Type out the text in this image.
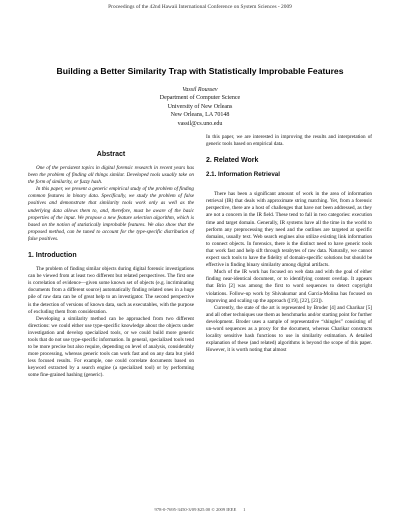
Proceedings of the 42nd Hawaii International Conference on System Sciences - 2009
Building a Better Similarity Trap with Statistically Improbable Features
Vassil Roussev
Department of Computer Science
University of New Orleans
New Orleans, LA 70148
vassil@cs.uno.edu
Abstract

One of the persistent topics in digital forensic research in recent years has been the problem of finding all things similar. Developed tools usually take on the form of similarity, or fuzzy hash.

In this paper, we present a generic empirical study of the problem of finding common features in binary data. Specifically, we study the problem of false positives and demonstrate that similarity tools work only as well as the underlying data allows them to, and, therefore, must be aware of the basic properties of the input. We propose a new feature selection algorithm, which is based on the notion of statistically improbable features. We also show that the proposed method, can be tuned to account for the type-specific distribution of false positives.

1. Introduction

The problem of finding similar objects during digital forensic investigations can be viewed from at least two different but related perspectives. The first one is correlation of evidence—given some known set of objects (e.g. incriminating documents from a different source) automatically finding related ones in a huge pile of raw data can be of great help to an investigator. The second perspective is the detection of versions of known data, such as executables, with the purpose of excluding them from consideration.

Developing a similarity method can be approached from two different directions: we could either use type-specific knowledge about the objects under investigation and develop specialized tools, or we could build more generic tools that do not use type-specific information. In general, specialized tools tend to be more precise but also require, depending on level of analysis, considerably more processing, whereas generic tools can work fast and on any data but yield less focused results. For example, one could correlate documents based on keyword extracted by a search engine (a specialized tool) or by performing some fine-grained hashing (generic).

In this paper, we are interested in improving the results and interpretation of generic tools based on empirical data.

2. Related Work
2.1. Information Retrieval

There has been a significant amount of work in the area of information retrieval (IR) that deals with approximate string matching. Yet, from a forensic perspective, there are a host of challenges that have not been addressed, as they are not a concern in the IR field. These tend to fall in two categories: execution time and target domain. Generally, IR systems have all the time in the world to perform any preprocessing they need and the outlines are targeted at specific domains, usually text. Web search engines also utilize existing link information to connect objects. In forensics, there is the distinct need to have generic tools that work fast and help sift through terabytes of raw data. Naturally, we cannot expect such tools to have the fidelity of domain-specific solutions but should be effective in finding binary similarity among digital artifacts.

Much of the IR work has focused on web data and with the goal of either finding near-identical document, or to identifying content overlap. It appears that Brin [2] was among the first to word sequences to detect copyright violations. Follow-up work by Shivakumar and Garcia-Molina has focused on improving and scaling up the approach ([19], [22], [23]).

Currently, the state of the art is represented by Broder [4] and Charikar [5] and all other techniques use them as benchmarks and/or starting point for further development. Broder uses a sample of representative “shingles” consisting of un-word sequences as a proxy for the document, whereas Charikar constructs locality sensitive hash functions to use in similarity estimation. A detailed explanation of these (and related) algorithms is beyond the scope of this paper. However, it is worth noting that almost

978-0-7695-3450-3/09 $25.00 © 2009 IEEE 1
